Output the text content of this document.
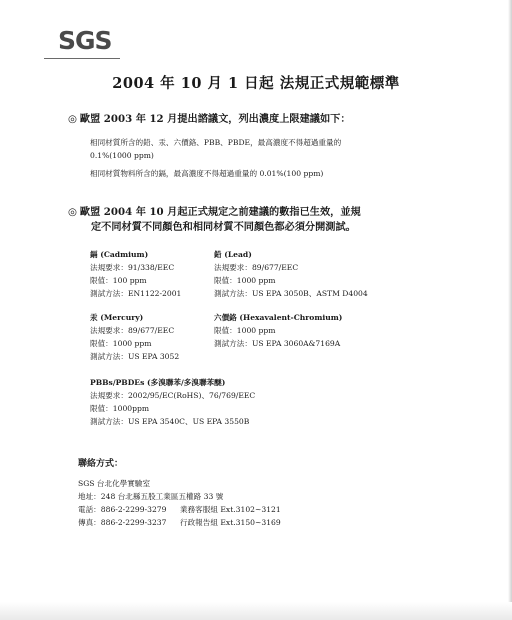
SGS
2004 年 10 月 1 日起 法規正式規範標準
◎ 歐盟 2003 年 12 月提出諮議文，列出濃度上限建議如下：
相同材質所含的鉛、汞、六價鉻、PBB、PBDE，最高濃度不得超過重量的
0.1%(1000 ppm)
相同材質物料所含的鎘，最高濃度不得超過重量的 0.01%(100 ppm)
◎ 歐盟 2004 年 10 月起正式規定之前建議的數指已生效，並規
定不同材質不同顏色和相同材質不同顏色都必須分開測試。
鎘 (Cadmium)
法規要求：91/338/EEC
限值：100 ppm
測試方法：EN1122-2001
鉛 (Lead)
法規要求：89/677/EEC
限值：1000 ppm
測試方法：US EPA 3050B、ASTM D4004
汞 (Mercury)
法規要求：89/677/EEC
限值：1000 ppm
測試方法：US EPA 3052
六價鉻 (Hexavalent-Chromium)
限值：1000 ppm
測試方法：US EPA 3060A&7169A
PBBs/PBDEs (多溴聯苯/多溴聯苯醚)
法規要求：2002/95/EC(RoHS)、76/769/EEC
限值：1000ppm
測試方法：US EPA 3540C、US EPA 3550B
聯絡方式：
SGS 台北化學實驗室
地址：248 台北縣五股工業區五權路 33 號
電話：886-2-2299-3279 業務客服組 Ext.3102~3121
傳真：886-2-2299-3237 行政報告組 Ext.3150~3169
